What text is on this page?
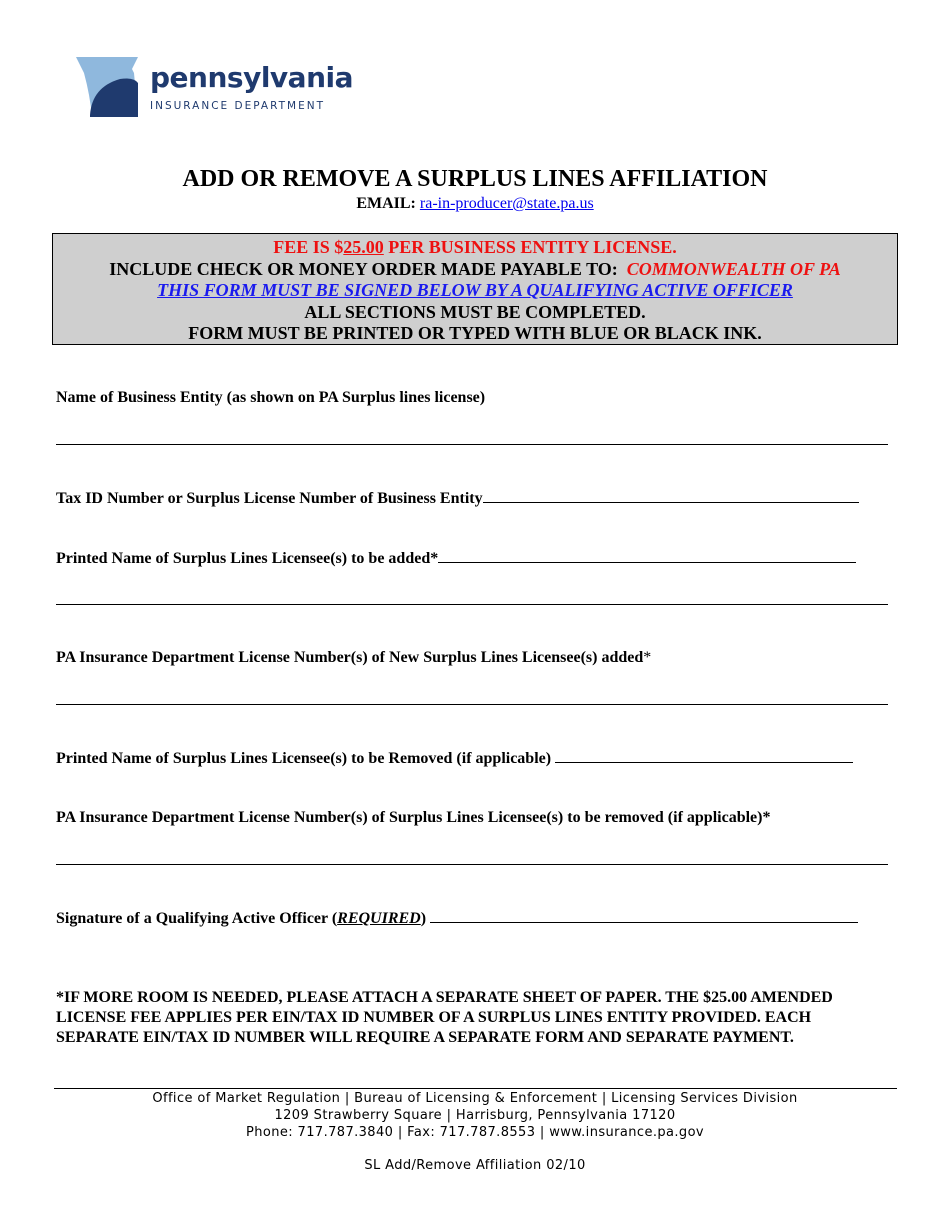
pennsylvania
INSURANCE DEPARTMENT
ADD OR REMOVE A SURPLUS LINES AFFILIATION
EMAIL: ra-in-producer@state.pa.us
FEE IS $25.00 PER BUSINESS ENTITY LICENSE.
INCLUDE CHECK OR MONEY ORDER MADE PAYABLE TO: COMMONWEALTH OF PA
THIS FORM MUST BE SIGNED BELOW BY A QUALIFYING ACTIVE OFFICER
ALL SECTIONS MUST BE COMPLETED.
FORM MUST BE PRINTED OR TYPED WITH BLUE OR BLACK INK.
Name of Business Entity (as shown on PA Surplus lines license)
Tax ID Number or Surplus License Number of Business Entity
Printed Name of Surplus Lines Licensee(s) to be added*
PA Insurance Department License Number(s) of New Surplus Lines Licensee(s) added*
Printed Name of Surplus Lines Licensee(s) to be Removed (if applicable)
PA Insurance Department License Number(s) of Surplus Lines Licensee(s) to be removed (if applicable)*
Signature of a Qualifying Active Officer (REQUIRED)
*IF MORE ROOM IS NEEDED, PLEASE ATTACH A SEPARATE SHEET OF PAPER. THE $25.00 AMENDED LICENSE FEE APPLIES PER EIN/TAX ID NUMBER OF A SURPLUS LINES ENTITY PROVIDED. EACH SEPARATE EIN/TAX ID NUMBER WILL REQUIRE A SEPARATE FORM AND SEPARATE PAYMENT.
Office of Market Regulation | Bureau of Licensing & Enforcement | Licensing Services Division
1209 Strawberry Square | Harrisburg, Pennsylvania 17120
Phone: 717.787.3840 | Fax: 717.787.8553 | www.insurance.pa.gov
SL Add/Remove Affiliation 02/10
